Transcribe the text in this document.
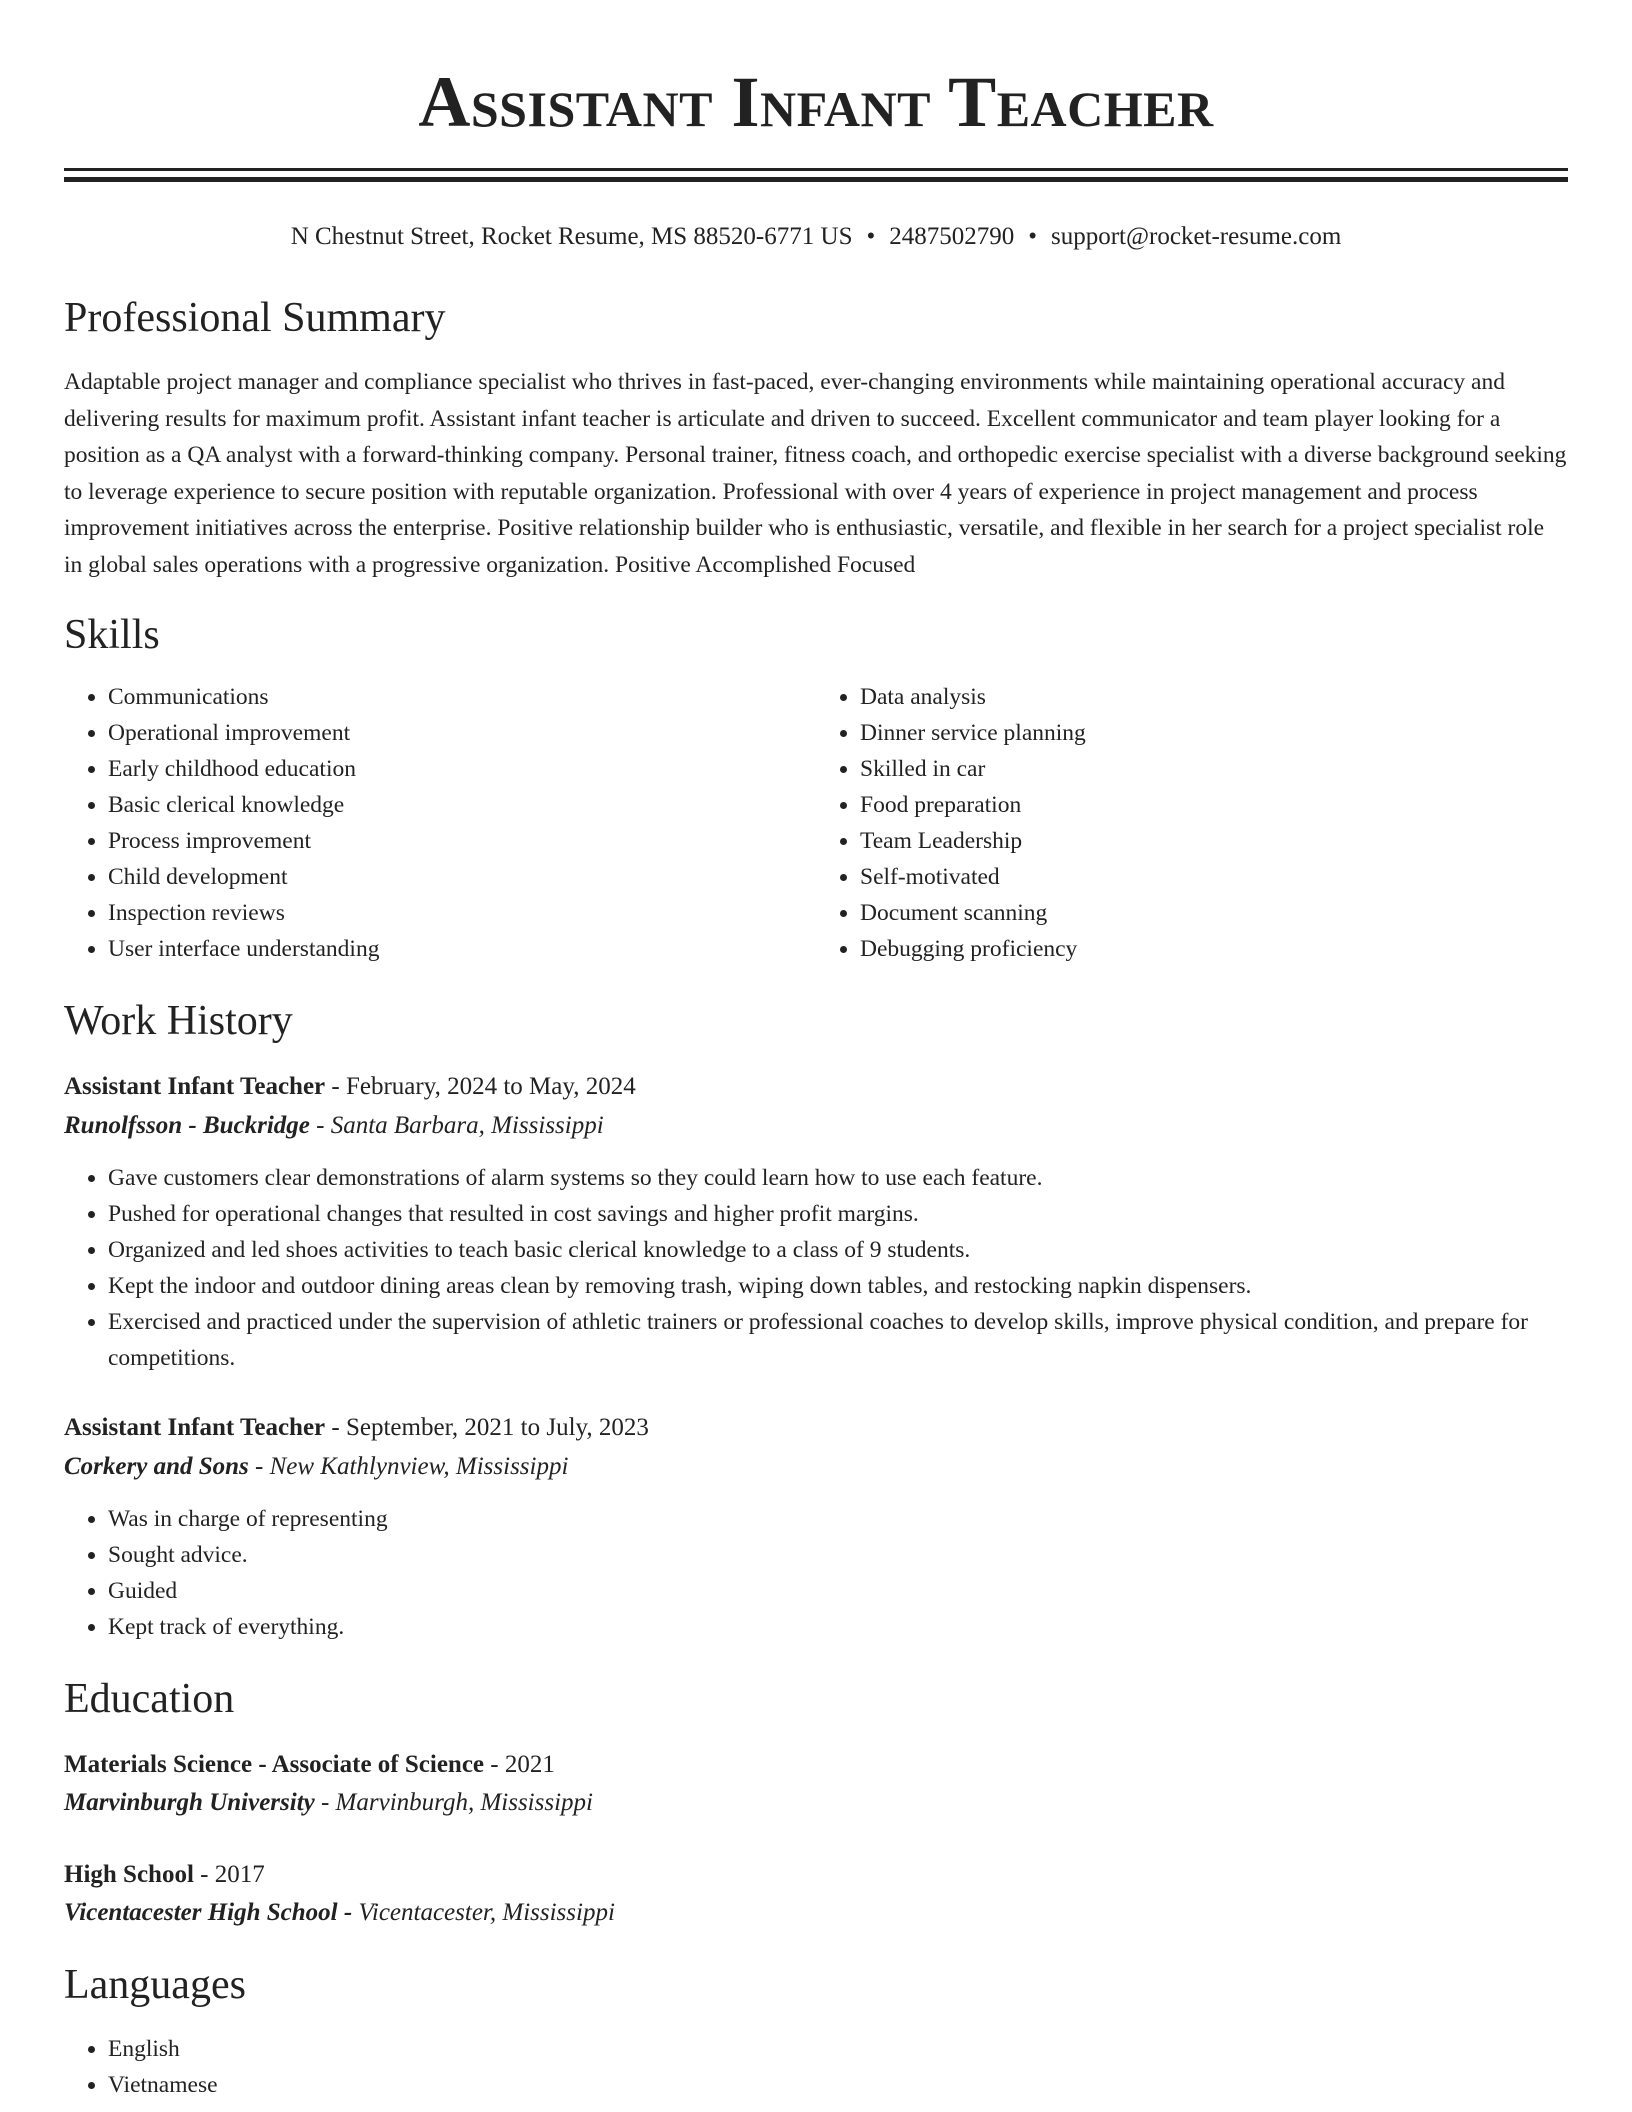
Assistant Infant Teacher
N Chestnut Street, Rocket Resume, MS 88520-6771 US • 2487502790 • support@rocket-resume.com
Professional Summary
Adaptable project manager and compliance specialist who thrives in fast-paced, ever-changing environments while maintaining operational accuracy and delivering results for maximum profit. Assistant infant teacher is articulate and driven to succeed. Excellent communicator and team player looking for a position as a QA analyst with a forward-thinking company. Personal trainer, fitness coach, and orthopedic exercise specialist with a diverse background seeking to leverage experience to secure position with reputable organization. Professional with over 4 years of experience in project management and process improvement initiatives across the enterprise. Positive relationship builder who is enthusiastic, versatile, and flexible in her search for a project specialist role in global sales operations with a progressive organization. Positive Accomplished Focused
Skills
• Communications
• Operational improvement
• Early childhood education
• Basic clerical knowledge
• Process improvement
• Child development
• Inspection reviews
• User interface understanding
• Data analysis
• Dinner service planning
• Skilled in car
• Food preparation
• Team Leadership
• Self-motivated
• Document scanning
• Debugging proficiency
Work History
Assistant Infant Teacher - February, 2024 to May, 2024
Runolfsson - Buckridge - Santa Barbara, Mississippi
• Gave customers clear demonstrations of alarm systems so they could learn how to use each feature.
• Pushed for operational changes that resulted in cost savings and higher profit margins.
• Organized and led shoes activities to teach basic clerical knowledge to a class of 9 students.
• Kept the indoor and outdoor dining areas clean by removing trash, wiping down tables, and restocking napkin dispensers.
• Exercised and practiced under the supervision of athletic trainers or professional coaches to develop skills, improve physical condition, and prepare for competitions.
Assistant Infant Teacher - September, 2021 to July, 2023
Corkery and Sons - New Kathlynview, Mississippi
• Was in charge of representing
• Sought advice.
• Guided
• Kept track of everything.
Education
Materials Science - Associate of Science - 2021
Marvinburgh University - Marvinburgh, Mississippi
High School - 2017
Vicentacester High School - Vicentacester, Mississippi
Languages
• English
• Vietnamese
